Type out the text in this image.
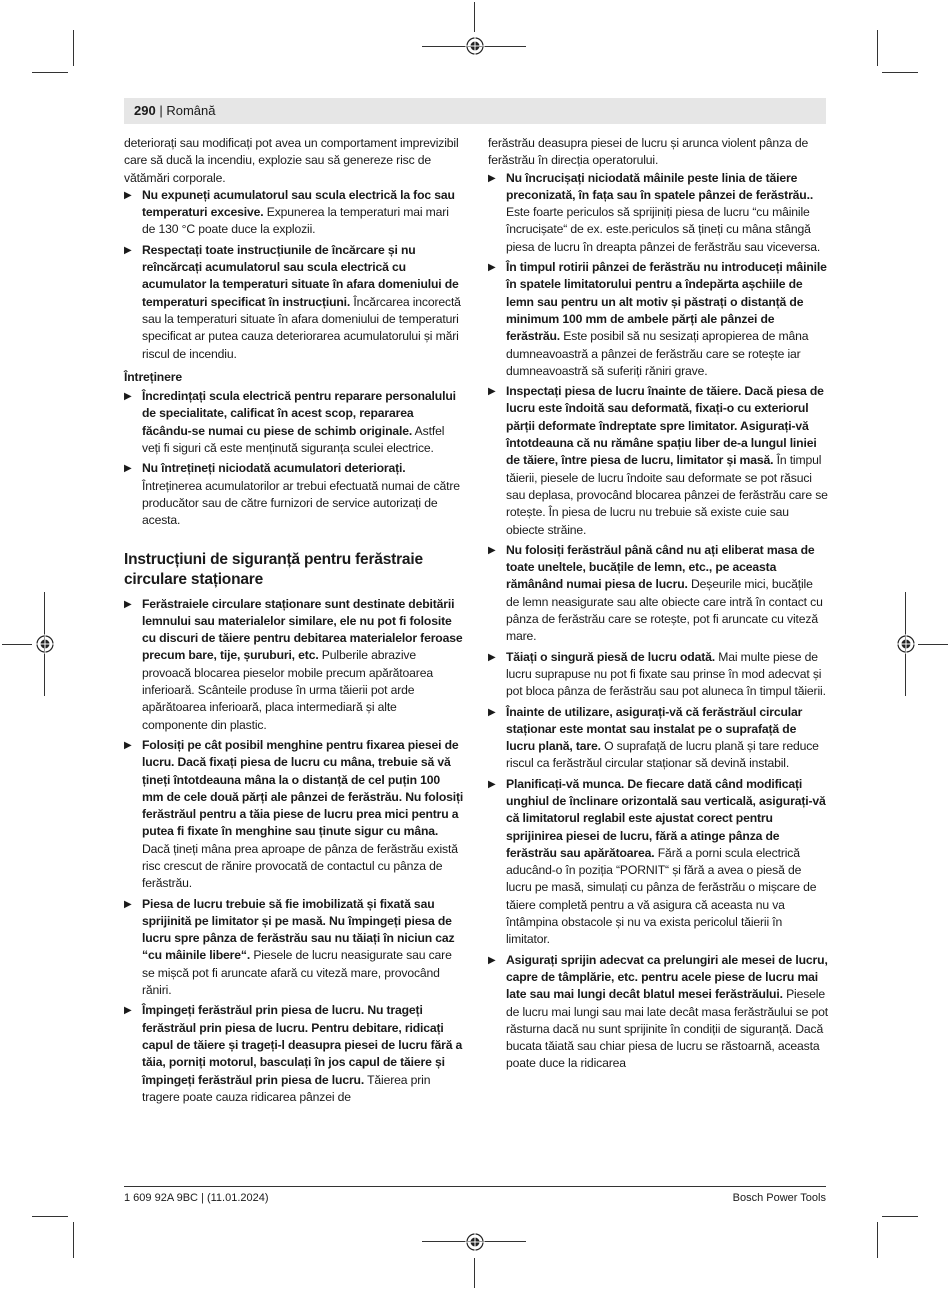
290 | Română

deteriorați sau modificați pot avea un comportament imprevizibil care să ducă la incendiu, explozie sau să genereze risc de vătămări corporale.

▶ Nu expuneți acumulatorul sau scula electrică la foc sau temperaturi excesive. Expunerea la temperaturi mai mari de 130 °C poate duce la explozii.
▶ Respectați toate instrucțiunile de încărcare și nu reîncărcați acumulatorul sau scula electrică cu acumulator la temperaturi situate în afara domeniului de temperaturi specificat în instrucțiuni. Încărcarea incorectă sau la temperaturi situate în afara domeniului de temperaturi specificat ar putea cauza deteriorarea acumulatorului și mări riscul de incendiu.
Întreținere
▶ Încredințați scula electrică pentru reparare personalului de specialitate, calificat în acest scop, repararea făcându-se numai cu piese de schimb originale. Astfel veți fi siguri că este menținută siguranța sculei electrice.
▶ Nu întrețineți niciodată acumulatori deteriorați. Întreținerea acumulatorilor ar trebui efectuată numai de către producător sau de către furnizori de service autorizați de acesta.
Instrucțiuni de siguranță pentru ferăstraie circulare staționare
▶ Ferăstraiele circulare staționare sunt destinate debitării lemnului sau materialelor similare, ele nu pot fi folosite cu discuri de tăiere pentru debitarea materialelor feroase precum bare, tije, șuruburi, etc. Pulberile abrazive provoacă blocarea pieselor mobile precum apărătoarea inferioară. Scânteile produse în urma tăierii pot arde apărătoarea inferioară, placa intermediară și alte componente din plastic.
▶ Folosiți pe cât posibil menghine pentru fixarea piesei de lucru. Dacă fixați piesa de lucru cu mâna, trebuie să vă țineți întotdeauna mâna la o distanță de cel puțin 100 mm de cele două părți ale pânzei de ferăstrău. Nu folosiți ferăstrăul pentru a tăia piese de lucru prea mici pentru a putea fi fixate în menghine sau ținute sigur cu mâna. Dacă țineți mâna prea aproape de pânza de ferăstrău există risc crescut de rănire provocată de contactul cu pânza de ferăstrău.
▶ Piesa de lucru trebuie să fie imobilizată și fixată sau sprijinită pe limitator și pe masă. Nu împingeți piesa de lucru spre pânza de ferăstrău sau nu tăiați în niciun caz “cu mâinile libere“. Piesele de lucru neasigurate sau care se mișcă pot fi aruncate afară cu viteză mare, provocând răniri.
▶ Împingeți ferăstrăul prin piesa de lucru. Nu trageți ferăstrăul prin piesa de lucru. Pentru debitare, ridicați capul de tăiere și trageți-l deasupra piesei de lucru fără a tăia, porniți motorul, basculați în jos capul de tăiere și împingeți ferăstrăul prin piesa de lucru. Tăierea prin tragere poate cauza ridicarea pânzei de

ferăstrău deasupra piesei de lucru și arunca violent pânza de ferăstrău în direcția operatorului.

▶ Nu încrucișați niciodată mâinile peste linia de tăiere preconizată, în fața sau în spatele pânzei de ferăstrău.. Este foarte periculos să sprijiniți piesa de lucru “cu mâinile încrucișate“ de ex. este.periculos să țineți cu mâna stângă piesa de lucru în dreapta pânzei de ferăstrău sau viceversa.
▶ În timpul rotirii pânzei de ferăstrău nu introduceți mâinile în spatele limitatorului pentru a îndepărta așchiile de lemn sau pentru un alt motiv și păstrați o distanță de minimum 100 mm de ambele părți ale pânzei de ferăstrău. Este posibil să nu sesizați apropierea de mâna dumneavoastră a pânzei de ferăstrău care se rotește iar dumneavoastră să suferiți răniri grave.
▶ Inspectați piesa de lucru înainte de tăiere. Dacă piesa de lucru este îndoită sau deformată, fixați-o cu exteriorul părții deformate îndreptate spre limitator. Asigurați-vă întotdeauna că nu rămâne spațiu liber de-a lungul liniei de tăiere, între piesa de lucru, limitator și masă. În timpul tăierii, piesele de lucru îndoite sau deformate se pot răsuci sau deplasa, provocând blocarea pânzei de ferăstrău care se rotește. În piesa de lucru nu trebuie să existe cuie sau obiecte străine.
▶ Nu folosiți ferăstrăul până când nu ați eliberat masa de toate uneltele, bucățile de lemn, etc., pe aceasta rămânând numai piesa de lucru. Deșeurile mici, bucățile de lemn neasigurate sau alte obiecte care intră în contact cu pânza de ferăstrău care se rotește, pot fi aruncate cu viteză mare.
▶ Tăiați o singură piesă de lucru odată. Mai multe piese de lucru suprapuse nu pot fi fixate sau prinse în mod adecvat și pot bloca pânza de ferăstrău sau pot aluneca în timpul tăierii.
▶ Înainte de utilizare, asigurați-vă că ferăstrăul circular staționar este montat sau instalat pe o suprafață de lucru plană, tare. O suprafață de lucru plană și tare reduce riscul ca ferăstrăul circular staționar să devină instabil.
▶ Planificați-vă munca. De fiecare dată când modificați unghiul de înclinare orizontală sau verticală, asigurați-vă că limitatorul reglabil este ajustat corect pentru sprijinirea piesei de lucru, fără a atinge pânza de ferăstrău sau apărătoarea. Fără a porni scula electrică aducând-o în poziția “PORNIT“ și fără a avea o piesă de lucru pe masă, simulați cu pânza de ferăstrău o mișcare de tăiere completă pentru a vă asigura că aceasta nu va întâmpina obstacole și nu va exista pericolul tăierii în limitator.
▶ Asigurați sprijin adecvat ca prelungiri ale mesei de lucru, capre de tâmplărie, etc. pentru acele piese de lucru mai late sau mai lungi decât blatul mesei ferăstrăului. Piesele de lucru mai lungi sau mai late decât masa ferăstrăului se pot răsturna dacă nu sunt sprijinite în condiții de siguranță. Dacă bucata tăiată sau chiar piesa de lucru se răstoarnă, aceasta poate duce la ridicarea
1 609 92A 9BC | (11.01.2024)	Bosch Power Tools
